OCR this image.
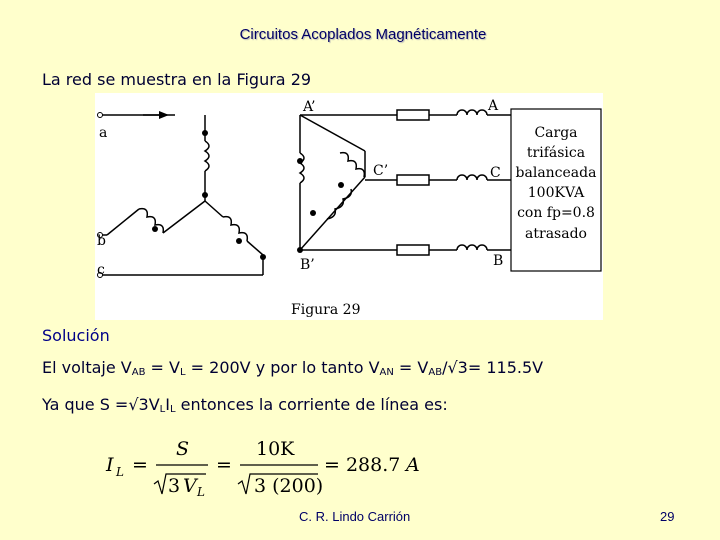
Circuitos Acoplados Magnéticamente
La red se muestra en la Figura 29
a
b
c
A’
C’
B’
A
C
B
Carga
trifásica
balanceada
100KVA
con fp=0.8
atrasado
Figura 29
Solución
El voltaje $V_{AB} = V_L = 200V$ y por lo tanto $V_{AN} = V_{AB}/√3= 115.5V$
Ya que $S =√3V_LI_L$ entonces la corriente de línea es:
I L =
S
3 V L
=
10K
3 (200)
= 288.7 A
C. R. Lindo Carrión	29
